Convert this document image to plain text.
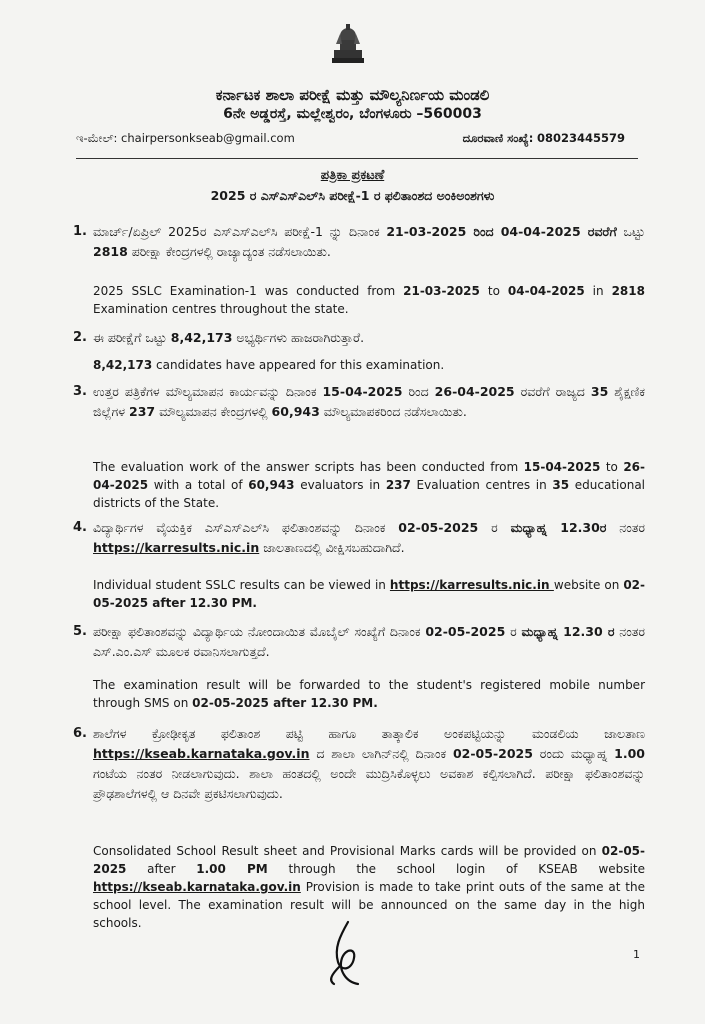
ಕರ್ನಾಟಕ ಶಾಲಾ ಪರೀಕ್ಷೆ ಮತ್ತು ಮೌಲ್ಯನಿರ್ಣಯ ಮಂಡಲಿ
6ನೇ ಅಡ್ಡರಸ್ತೆ, ಮಲ್ಲೇಶ್ವರಂ, ಬೆಂಗಳೂರು –560003
ಇ-ಮೇಲ್: chairpersonkseab@gmail.com	ದೂರವಾಣಿ ಸಂಖ್ಯೆ: 08023445579
ಪತ್ರಿಕಾ ಪ್ರಕಟಣೆ
2025 ರ ಎಸ್‌ಎಸ್‌ಎಲ್‌ಸಿ ಪರೀಕ್ಷೆ-1 ರ ಫಲಿತಾಂಶದ ಅಂಕಿಅಂಶಗಳು
1. ಮಾರ್ಚ್/ಏಪ್ರಿಲ್ 2025ರ ಎಸ್‌ಎಸ್‌ಎಲ್‌ಸಿ ಪರೀಕ್ಷೆ-1 ನ್ನು ದಿನಾಂಕ 21-03-2025 ರಿಂದ 04-04-2025 ರವರೆಗೆ ಒಟ್ಟು 2818 ಪರೀಕ್ಷಾ ಕೇಂದ್ರಗಳಲ್ಲಿ ರಾಜ್ಯಾದ್ಯಂತ ನಡೆಸಲಾಯಿತು.
2025 SSLC Examination-1 was conducted from 21-03-2025 to 04-04-2025 in 2818 Examination centres throughout the state.
2. ಈ ಪರೀಕ್ಷೆಗೆ ಒಟ್ಟು 8,42,173 ಅಭ್ಯರ್ಥಿಗಳು ಹಾಜರಾಗಿರುತ್ತಾರೆ.
8,42,173 candidates have appeared for this examination.
3. ಉತ್ತರ ಪತ್ರಿಕೆಗಳ ಮೌಲ್ಯಮಾಪನ ಕಾರ್ಯವನ್ನು ದಿನಾಂಕ 15-04-2025 ರಿಂದ 26-04-2025 ರವರೆಗೆ ರಾಜ್ಯದ 35 ಶೈಕ್ಷಣಿಕ ಜಿಲ್ಲೆಗಳ 237 ಮೌಲ್ಯಮಾಪನ ಕೇಂದ್ರಗಳಲ್ಲಿ 60,943 ಮೌಲ್ಯಮಾಪಕರಿಂದ ನಡೆಸಲಾಯಿತು.
The evaluation work of the answer scripts has been conducted from 15-04-2025 to 26-04-2025 with a total of 60,943 evaluators in 237 Evaluation centres in 35 educational districts of the State.
4. ವಿದ್ಯಾರ್ಥಿಗಳ ವೈಯಕ್ತಿಕ ಎಸ್‌ಎಸ್‌ಎಲ್‌ಸಿ ಫಲಿತಾಂಶವನ್ನು ದಿನಾಂಕ 02-05-2025 ರ ಮಧ್ಯಾಹ್ನ 12.30ರ ನಂತರ https://karresults.nic.in ಜಾಲತಾಣದಲ್ಲಿ ವೀಕ್ಷಿಸಬಹುದಾಗಿದೆ.
Individual student SSLC results can be viewed in https://karresults.nic.in website on 02-05-2025 after 12.30 PM.
5. ಪರೀಕ್ಷಾ ಫಲಿತಾಂಶವನ್ನು ವಿದ್ಯಾರ್ಥಿಯ ನೋಂದಾಯಿತ ಮೊಬೈಲ್ ಸಂಖ್ಯೆಗೆ ದಿನಾಂಕ 02-05-2025 ರ ಮಧ್ಯಾಹ್ನ 12.30 ರ ನಂತರ ಎಸ್.ಎಂ.ಎಸ್ ಮೂಲಕ ರವಾನಿಸಲಾಗುತ್ತದೆ.
The examination result will be forwarded to the student's registered mobile number through SMS on 02-05-2025 after 12.30 PM.
6. ಶಾಲೆಗಳ ಕ್ರೋಢೀಕೃತ ಫಲಿತಾಂಶ ಪಟ್ಟಿ ಹಾಗೂ ತಾತ್ಕಾಲಿಕ ಅಂಕಪಟ್ಟಿಯನ್ನು ಮಂಡಲಿಯ ಜಾಲತಾಣ https://kseab.karnataka.gov.in ದ ಶಾಲಾ ಲಾಗಿನ್‌ನಲ್ಲಿ ದಿನಾಂಕ 02-05-2025 ರಂದು ಮಧ್ಯಾಹ್ನ 1.00 ಗಂಟೆಯ ನಂತರ ನೀಡಲಾಗುವುದು. ಶಾಲಾ ಹಂತದಲ್ಲಿ ಅಂದೇ ಮುದ್ರಿಸಿಕೊಳ್ಳಲು ಅವಕಾಶ ಕಲ್ಪಿಸಲಾಗಿದೆ. ಪರೀಕ್ಷಾ ಫಲಿತಾಂಶವನ್ನು ಪ್ರೌಢಶಾಲೆಗಳಲ್ಲಿ ಆ ದಿನವೇ ಪ್ರಕಟಿಸಲಾಗುವುದು.
Consolidated School Result sheet and Provisional Marks cards will be provided on 02-05-2025 after 1.00 PM through the school login of KSEAB website https://kseab.karnataka.gov.in Provision is made to take print outs of the same at the school level. The examination result will be announced on the same day in the high schools.
1
